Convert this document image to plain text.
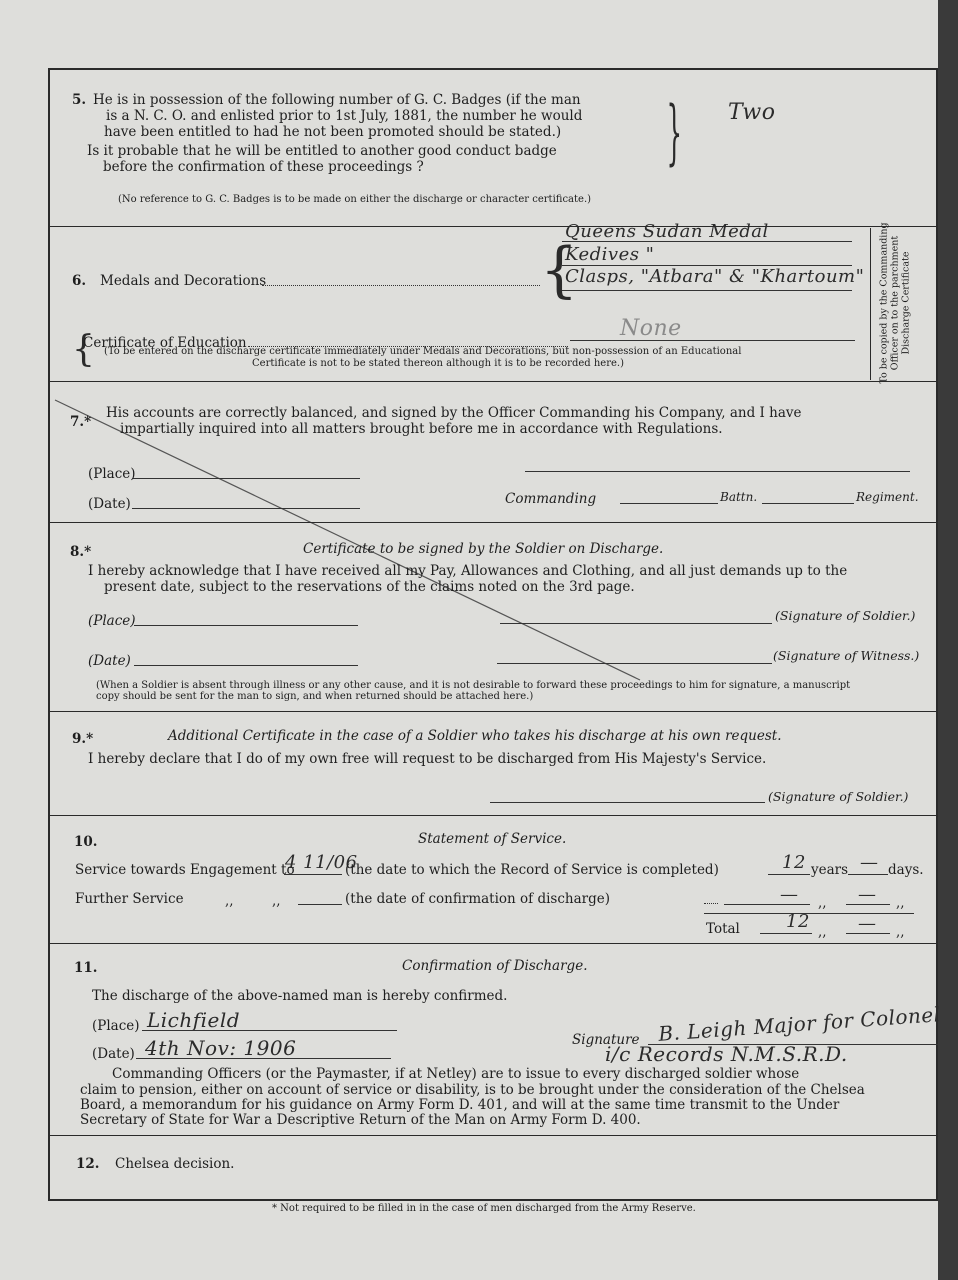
5. He is in possession of the following number of G. C. Badges (if the man
is a N. C. O. and enlisted prior to 1st July, 1881, the number he would
have been entitled to had he not been promoted should be stated.)
Is it probable that he will be entitled to another good conduct badge
before the confirmation of these proceedings ?	} Two
(No reference to G. C. Badges is to be made on either the discharge or character certificate.)
6. Medals and Decorations	{
Queens Sudan Medal
Kedives "
Clasps, "Atbara" & "Khartoum"
{
Certificate of Education
None
(To be entered on the discharge certificate immediately under Medals and Decorations, but non-possession of an Educational
Certificate is not to be stated thereon although it is to be recorded here.)	To be copied by the Commanding Officer on to the parchment Discharge Certificate
7.*
His accounts are correctly balanced, and signed by the Officer Commanding his Company, and I have
impartially inquired into all matters brought before me in accordance with Regulations.
(Place)
(Date)	Commanding	Battn.	Regiment.
8.*	Certificate to be signed by the Soldier on Discharge.
I hereby acknowledge that I have received all my Pay, Allowances and Clothing, and all just demands up to the
present date, subject to the reservations of the claims noted on the 3rd page.
(Place)	(Signature of Soldier.)
(Date)	(Signature of Witness.)
(When a Soldier is absent through illness or any other cause, and it is not desirable to forward these proceedings to him for signature, a manuscript
copy should be sent for the man to sign, and when returned should be attached here.)
9.*	Additional Certificate in the case of a Soldier who takes his discharge at his own request.
I hereby declare that I do of my own free will request to be discharged from His Majesty's Service.
(Signature of Soldier.)
10.	Statement of Service.
Service towards Engagement to
4 11/06
(the date to which the Record of Service is completed)	12 years — days.
Further Service	,,	,,	(the date of confirmation of discharge)	— ,, — ,,
Total	12 ,, — ,,
11.	Confirmation of Discharge.
The discharge of the above-named man is hereby confirmed.
(Place) Lichfield
(Date) 4th Nov: 1906	Signature B. Leigh Major for Colonel
i/c Records N.M.S.R.D.
Commanding Officers (or the Paymaster, if at Netley) are to issue to every discharged soldier whose
claim to pension, either on account of service or disability, is to be brought under the consideration of the Chelsea
Board, a memorandum for his guidance on Army Form D. 401, and will at the same time transmit to the Under
Secretary of State for War a Descriptive Return of the Man on Army Form D. 400.
12. Chelsea decision.
* Not required to be filled in in the case of men discharged from the Army Reserve.
